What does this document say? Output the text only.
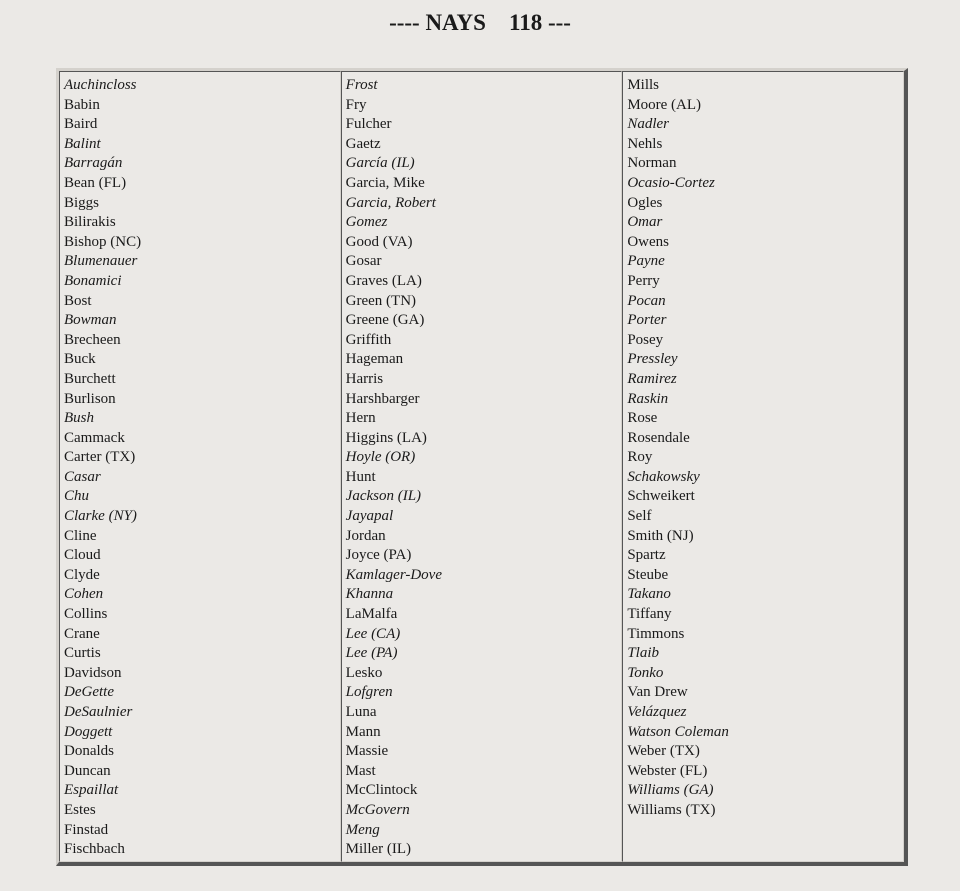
---- NAYS    118 ---
Auchincloss
Babin
Baird
Balint
Barragán
Bean (FL)
Biggs
Bilirakis
Bishop (NC)
Blumenauer
Bonamici
Bost
Bowman
Brecheen
Buck
Burchett
Burlison
Bush
Cammack
Carter (TX)
Casar
Chu
Clarke (NY)
Cline
Cloud
Clyde
Cohen
Collins
Crane
Curtis
Davidson
DeGette
DeSaulnier
Doggett
Donalds
Duncan
Espaillat
Estes
Finstad
Fischbach

Frost
Fry
Fulcher
Gaetz
García (IL)
Garcia, Mike
Garcia, Robert
Gomez
Good (VA)
Gosar
Graves (LA)
Green (TN)
Greene (GA)
Griffith
Hageman
Harris
Harshbarger
Hern
Higgins (LA)
Hoyle (OR)
Hunt
Jackson (IL)
Jayapal
Jordan
Joyce (PA)
Kamlager-Dove
Khanna
LaMalfa
Lee (CA)
Lee (PA)
Lesko
Lofgren
Luna
Mann
Massie
Mast
McClintock
McGovern
Meng
Miller (IL)

Mills
Moore (AL)
Nadler
Nehls
Norman
Ocasio-Cortez
Ogles
Omar
Owens
Payne
Perry
Pocan
Porter
Posey
Pressley
Ramirez
Raskin
Rose
Rosendale
Roy
Schakowsky
Schweikert
Self
Smith (NJ)
Spartz
Steube
Takano
Tiffany
Timmons
Tlaib
Tonko
Van Drew
Velázquez
Watson Coleman
Weber (TX)
Webster (FL)
Williams (GA)
Williams (TX)
